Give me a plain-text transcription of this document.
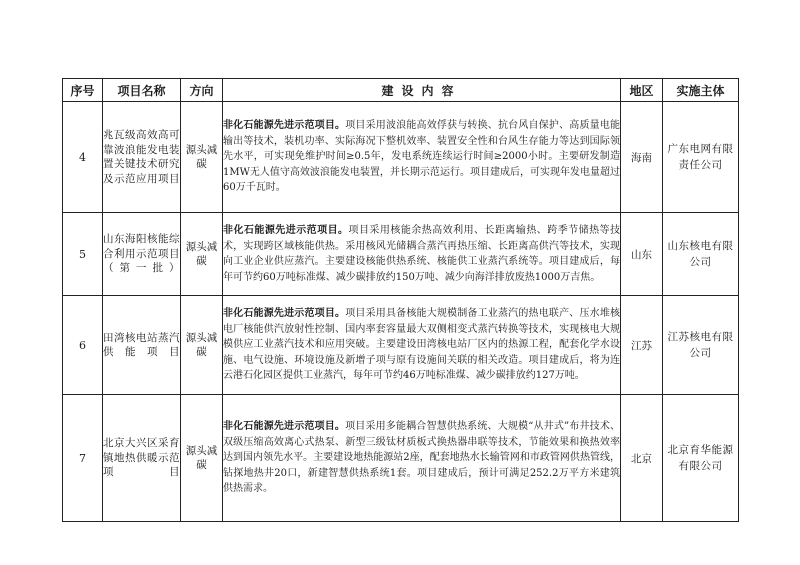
序号	项目名称	方向	建设内容	地区	实施主体
4	兆瓦级高效高可靠波浪能发电装置关键技术研究及示范应用项目	源头减碳	非化石能源先进示范项目。项目采用波浪能高效俘获与转换、抗台风自保护、高质量电能输出等技术，装机功率、实际海况下整机效率、装置安全性和台风生存能力等达到国际领先水平，可实现免维护时间≥0.5年，发电系统连续运行时间≥2000小时。主要研发制造1MW无人值守高效波浪能发电装置，并长期示范运行。项目建成后，可实现年发电量超过60万千瓦时。	海南	广东电网有限责任公司
5	山东海阳核能综合利用示范项目（第一批）	源头减碳	非化石能源先进示范项目。项目采用核能余热高效利用、长距离输热、跨季节储热等技术，实现跨区域核能供热。采用核风光储耦合蒸汽再热压缩、长距离高供汽等技术，实现向工业企业供应蒸汽。主要建设核能供热系统、核能供工业蒸汽系统等。项目建成后，每年可节约60万吨标准煤、减少碳排放约150万吨、减少向海洋排放废热1000万吉焦。	山东	山东核电有限公司
6	田湾核电站蒸汽供能项目	源头减碳	非化石能源先进示范项目。项目采用具备核能大规模制备工业蒸汽的热电联产、压水堆核电厂核能供汽放射性控制、国内率套容量最大双侧相变式蒸汽转换等技术，实现核电大规模供应工业蒸汽技术和应用突破。主要建设田湾核电站厂区内的热源工程，配套化学水设施、电气设施、环境设施及新增子项与原有设施间关联的相关改造。项目建成后，将为连云港石化园区提供工业蒸汽，每年可节约46万吨标准煤、减少碳排放约127万吨。	江苏	江苏核电有限公司
7	北京大兴区采育镇地热供暖示范项目	源头减碳	非化石能源先进示范项目。项目采用多能耦合智慧供热系统、大规模“从井式”布井技术、双级压缩高效离心式热泵、新型三级钛材质板式换热器串联等技术，节能效果和换热效率达到国内领先水平。主要建设地热能源站2座，配套地热水长输管网和市政管网供热管线，钻探地热井20口，新建智慧供热系统1套。项目建成后，预计可满足252.2万平方米建筑供热需求。	北京	北京育华能源有限公司
